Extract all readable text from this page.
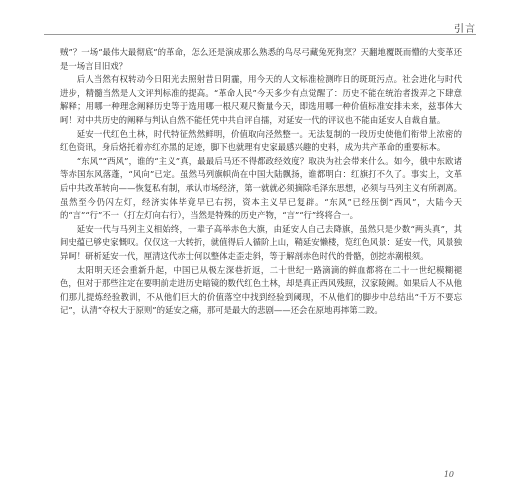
引言

贼”？一场“最伟大最彻底”的革命，怎么还是演成那么熟悉的鸟尽弓藏兔死狗烹？天翻地覆既而懵的大变革还是一场言目旧戏？

后人当然有权转动今日阳光去照射昔日阴霾，用今天的人文标准检测昨日的斑斑污点。社会进化与时代进步，精髓当然是人文评判标准的提高。“革命人民”今天多少有点觉醒了：历史不能在统治者拨弄之下肆意解释；用哪一种理念阐释历史等于选用哪一根尺观尺衡量今天，即选用哪一种价值标准安排未来，兹事体大呵！对中共历史的阐释与判认自然不能任凭中共自评自擂，对延安一代的评议也不能由延安人自裁自量。

延安一代红色土林，时代特征然然鲜明，价值取向泾然整一。无法复制的一段历史使他们衔带上浓密的红色资讯，身后烙托着亦红亦黑的足迹，脚下也就理有史家最感兴趣的史料，成为共产革命的重要标本。

“东风”“西风”，谁的“主义”真，最最后马还不得都政经效度？取决为社会带来什么。如今，俄中东欧诸等赤国东风落蓬，“风向”已定。虽然马列旗帜尚在中国大陆飘扬，谁都明白：红旗打不久了。事实上，文革后中共改革转向——恢复私有制，承认市场经济，第一就就必须摘除毛泽东思想，必须与马列主义有所剥离。虽然至今仍闪左灯，经济实体毕竟早已右拐，资本主义早已复辟。“东风”已经压倒“西风”，大陆今天的“言”“行”不一（打左灯向右行），当然是特殊的历史产物，“言”“行”终将合一。

延安一代与马列主义相始终，一辈子高举赤色大旗，由延安人自己去降旗，虽然只是少数“两头真”，其间史蕴已够史家慨叹。仅仅这一大转折，就值得后人循阶上山，鞘延安懒楼，览红色风景：延安一代，风景独异呵！研析延安一代，厘清这代赤士何以整体走歪走斜，等于解剖赤色时代的骨骼，创挖赤潮根须。

太阳明天还会重新升起，中国已从极左深巷折返，二十世纪一路滴滴的鲜血都将在二十一世纪模糊褪色，但对于那些注定在要明前走进历史暗镜的数代红色土林，却是真正西风残照，汉家陵阙。如果后人不从他们那儿提炼经验教训，不从他们巨大的价值落空中找到经验到阈现，不从他们的脚步中总结出“千万不要忘记”，认清“夺权大于原则”的延安之痛，那可是最大的悲剧——还会在原地再摔第二跤。

10
